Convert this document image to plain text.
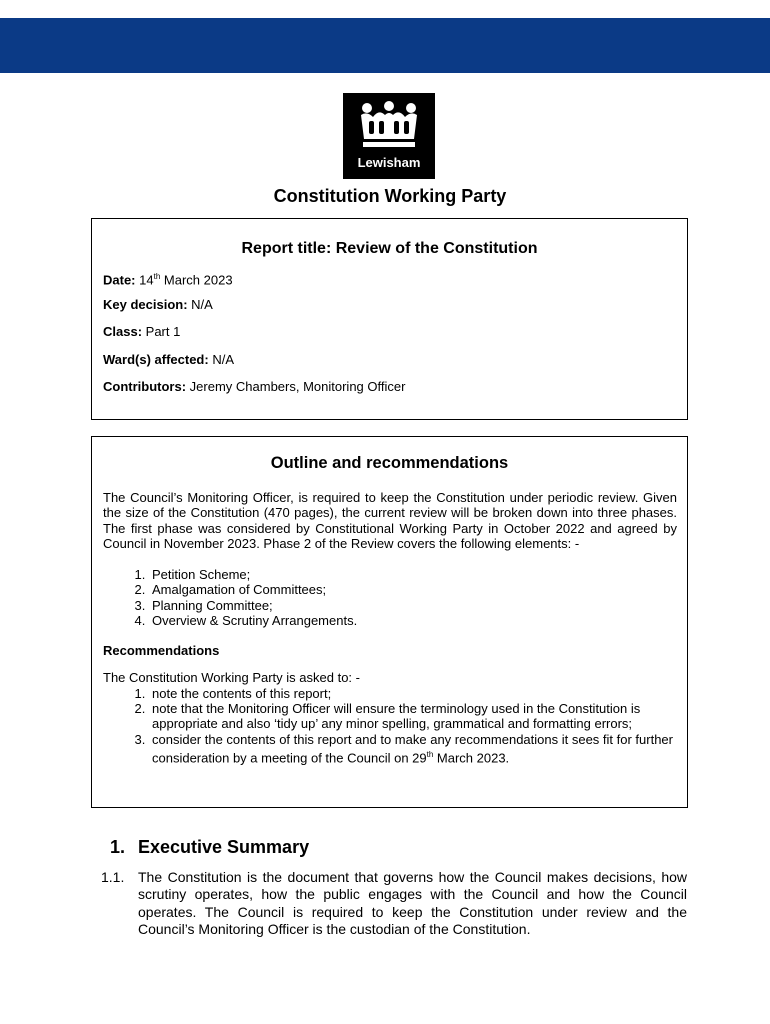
Lewisham
Constitution Working Party
Report title: Review of the Constitution
Date: 14th March 2023
Key decision: N/A
Class: Part 1
Ward(s) affected: N/A
Contributors: Jeremy Chambers, Monitoring Officer
Outline and recommendations
The Council’s Monitoring Officer, is required to keep the Constitution under periodic review. Given the size of the Constitution (470 pages), the current review will be broken down into three phases. The first phase was considered by Constitutional Working Party in October 2022 and agreed by Council in November 2023. Phase 2 of the Review covers the following elements: -
1. Petition Scheme;
2. Amalgamation of Committees;
3. Planning Committee;
4. Overview & Scrutiny Arrangements.
Recommendations
The Constitution Working Party is asked to: -
1. note the contents of this report;
2. note that the Monitoring Officer will ensure the terminology used in the Constitution is appropriate and also ‘tidy up’ any minor spelling, grammatical and formatting errors;
3. consider the contents of this report and to make any recommendations it sees fit for further consideration by a meeting of the Council on 29th March 2023.
1. Executive Summary
1.1. The Constitution is the document that governs how the Council makes decisions, how scrutiny operates, how the public engages with the Council and how the Council operates. The Council is required to keep the Constitution under review and the Council’s Monitoring Officer is the custodian of the Constitution.
